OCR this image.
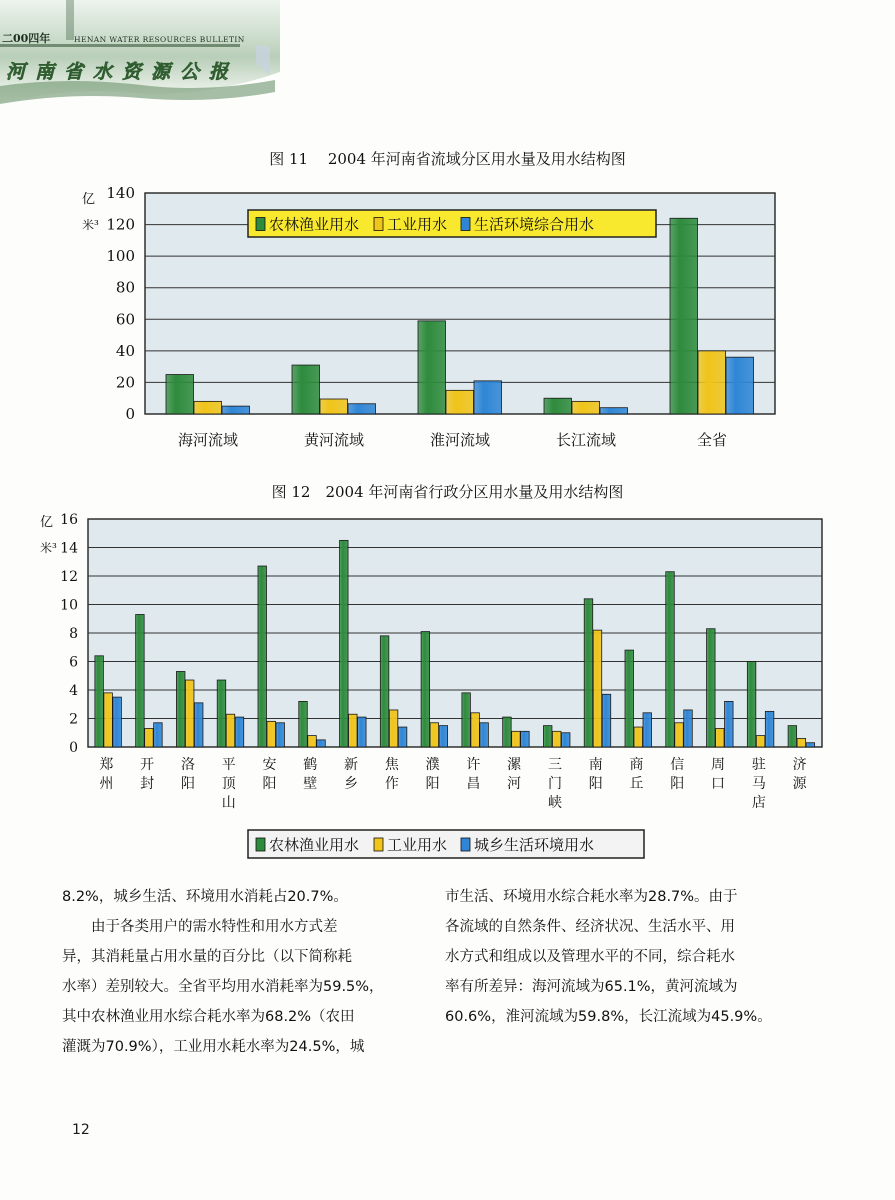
二00四年	HENAN WATER RESOURCES BULLETIN
河南省水资源公报
图 11　 2004 年河南省流域分区用水量及用水结构图
0
20
40
60
80
100
120
140
亿
米³
海河流域	黄河流域	淮河流域	长江流域	全省
农林渔业用水 工业用水 生活环境综合用水
图 12　2004 年河南省行政分区用水量及用水结构图
0
2
4
6
8
10
12
14
16
亿
米³
郑
州
开
封
洛
阳
平
顶
山
安
阳
鹤
壁
新
乡
焦
作
濮
阳
许
昌
漯
河
三
门
峡
南
阳
商
丘
信
阳
周
口
驻
马
店
济
源
农林渔业用水 工业用水 城乡生活环境用水
8.2%，城乡生活、环境用水消耗占20.7%。
　　由于各类用户的需水特性和用水方式差
异，其消耗量占用水量的百分比（以下简称耗
水率）差别较大。全省平均用水消耗率为59.5%，
其中农林渔业用水综合耗水率为68.2%（农田
灌溉为70.9%），工业用水耗水率为24.5%，城
市生活、环境用水综合耗水率为28.7%。由于
各流域的自然条件、经济状况、生活水平、用
水方式和组成以及管理水平的不同，综合耗水
率有所差异：海河流域为65.1%，黄河流域为
60.6%，淮河流域为59.8%，长江流域为45.9%。
12
